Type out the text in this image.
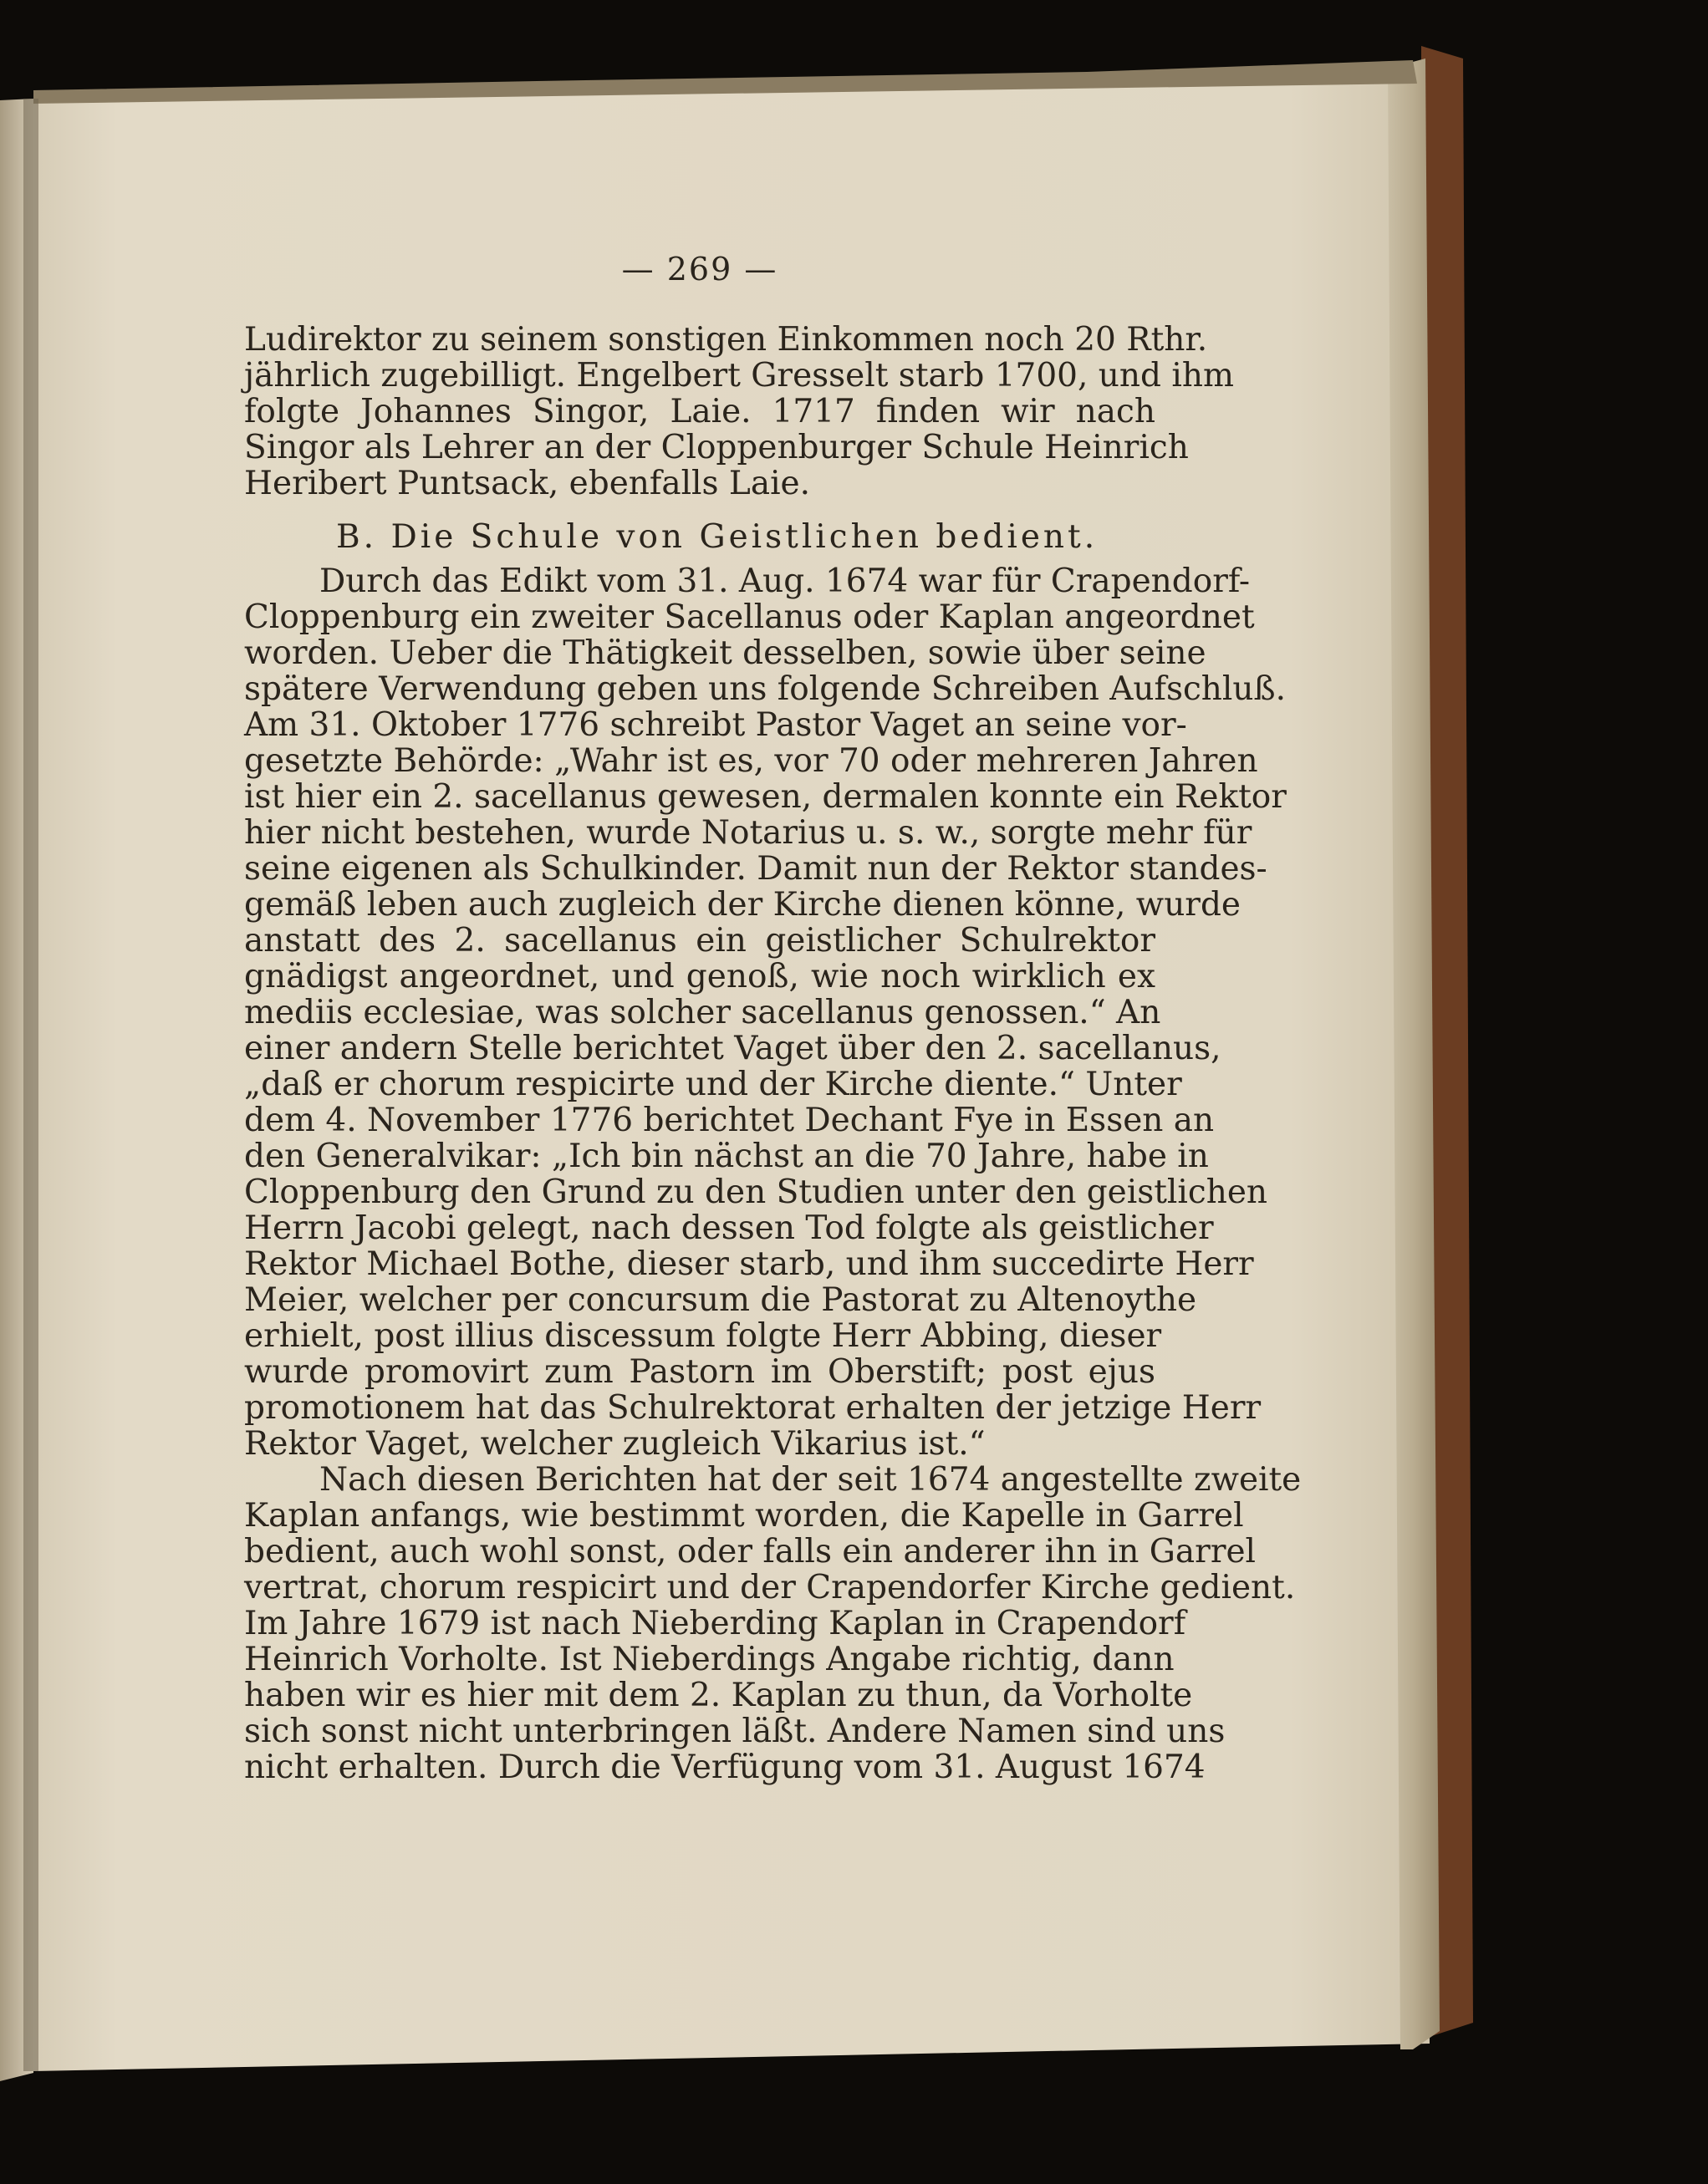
— 269 —
Ludirektor zu seinem sonstigen Einkommen noch 20 Rthr.
jährlich zugebilligt. Engelbert Gresselt starb 1700, und ihm
folgte Johannes Singor, Laie. 1717 finden wir nach
Singor als Lehrer an der Cloppenburger Schule Heinrich
Heribert Puntsack, ebenfalls Laie.
B. Die Schule von Geistlichen bedient.
Durch das Edikt vom 31. Aug. 1674 war für Crapendorf-
Cloppenburg ein zweiter Sacellanus oder Kaplan angeordnet
worden. Ueber die Thätigkeit desselben, sowie über seine
spätere Verwendung geben uns folgende Schreiben Aufschluß.
Am 31. Oktober 1776 schreibt Pastor Vaget an seine vor-
gesetzte Behörde: „Wahr ist es, vor 70 oder mehreren Jahren
ist hier ein 2. sacellanus gewesen, dermalen konnte ein Rektor
hier nicht bestehen, wurde Notarius u. s. w., sorgte mehr für
seine eigenen als Schulkinder. Damit nun der Rektor standes-
gemäß leben auch zugleich der Kirche dienen könne, wurde
anstatt des 2. sacellanus ein geistlicher Schulrektor
gnädigst angeordnet, und genoß, wie noch wirklich ex
mediis ecclesiae, was solcher sacellanus genossen.“ An
einer andern Stelle berichtet Vaget über den 2. sacellanus,
„daß er chorum respicirte und der Kirche diente.“ Unter
dem 4. November 1776 berichtet Dechant Fye in Essen an
den Generalvikar: „Ich bin nächst an die 70 Jahre, habe in
Cloppenburg den Grund zu den Studien unter den geistlichen
Herrn Jacobi gelegt, nach dessen Tod folgte als geistlicher
Rektor Michael Bothe, dieser starb, und ihm succedirte Herr
Meier, welcher per concursum die Pastorat zu Altenoythe
erhielt, post illius discessum folgte Herr Abbing, dieser
wurde promovirt zum Pastorn im Oberstift; post ejus
promotionem hat das Schulrektorat erhalten der jetzige Herr
Rektor Vaget, welcher zugleich Vikarius ist.“
Nach diesen Berichten hat der seit 1674 angestellte zweite
Kaplan anfangs, wie bestimmt worden, die Kapelle in Garrel
bedient, auch wohl sonst, oder falls ein anderer ihn in Garrel
vertrat, chorum respicirt und der Crapendorfer Kirche gedient.
Im Jahre 1679 ist nach Nieberding Kaplan in Crapendorf
Heinrich Vorholte. Ist Nieberdings Angabe richtig, dann
haben wir es hier mit dem 2. Kaplan zu thun, da Vorholte
sich sonst nicht unterbringen läßt. Andere Namen sind uns
nicht erhalten. Durch die Verfügung vom 31. August 1674
